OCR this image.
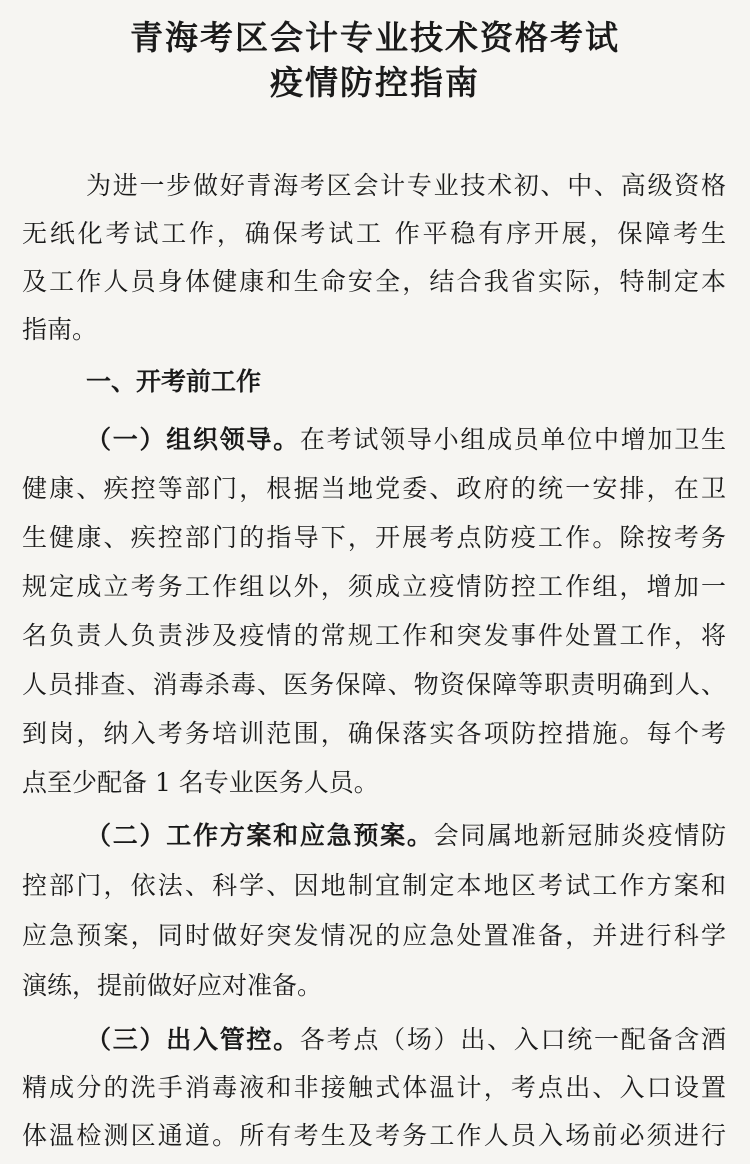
青海考区会计专业技术资格考试
疫情防控指南
为进一步做好青海考区会计专业技术初、中、高级资格
无纸化考试工作，确保考试工 作平稳有序开展，保障考生
及工作人员身体健康和生命安全，结合我省实际，特制定本
指南。
一、开考前工作
（一）组织领导。在考试领导小组成员单位中增加卫生
健康、疾控等部门，根据当地党委、政府的统一安排，在卫
生健康、疾控部门的指导下，开展考点防疫工作。除按考务
规定成立考务工作组以外，须成立疫情防控工作组，增加一
名负责人负责涉及疫情的常规工作和突发事件处置工作，将
人员排查、消毒杀毒、医务保障、物资保障等职责明确到人、
到岗，纳入考务培训范围，确保落实各项防控措施。每个考
点至少配备 1 名专业医务人员。
（二）工作方案和应急预案。会同属地新冠肺炎疫情防
控部门，依法、科学、因地制宜制定本地区考试工作方案和
应急预案，同时做好突发情况的应急处置准备，并进行科学
演练，提前做好应对准备。
（三）出入管控。各考点（场）出、入口统一配备含酒
精成分的洗手消毒液和非接触式体温计，考点出、入口设置
体温检测区通道。所有考生及考务工作人员入场前必须进行
